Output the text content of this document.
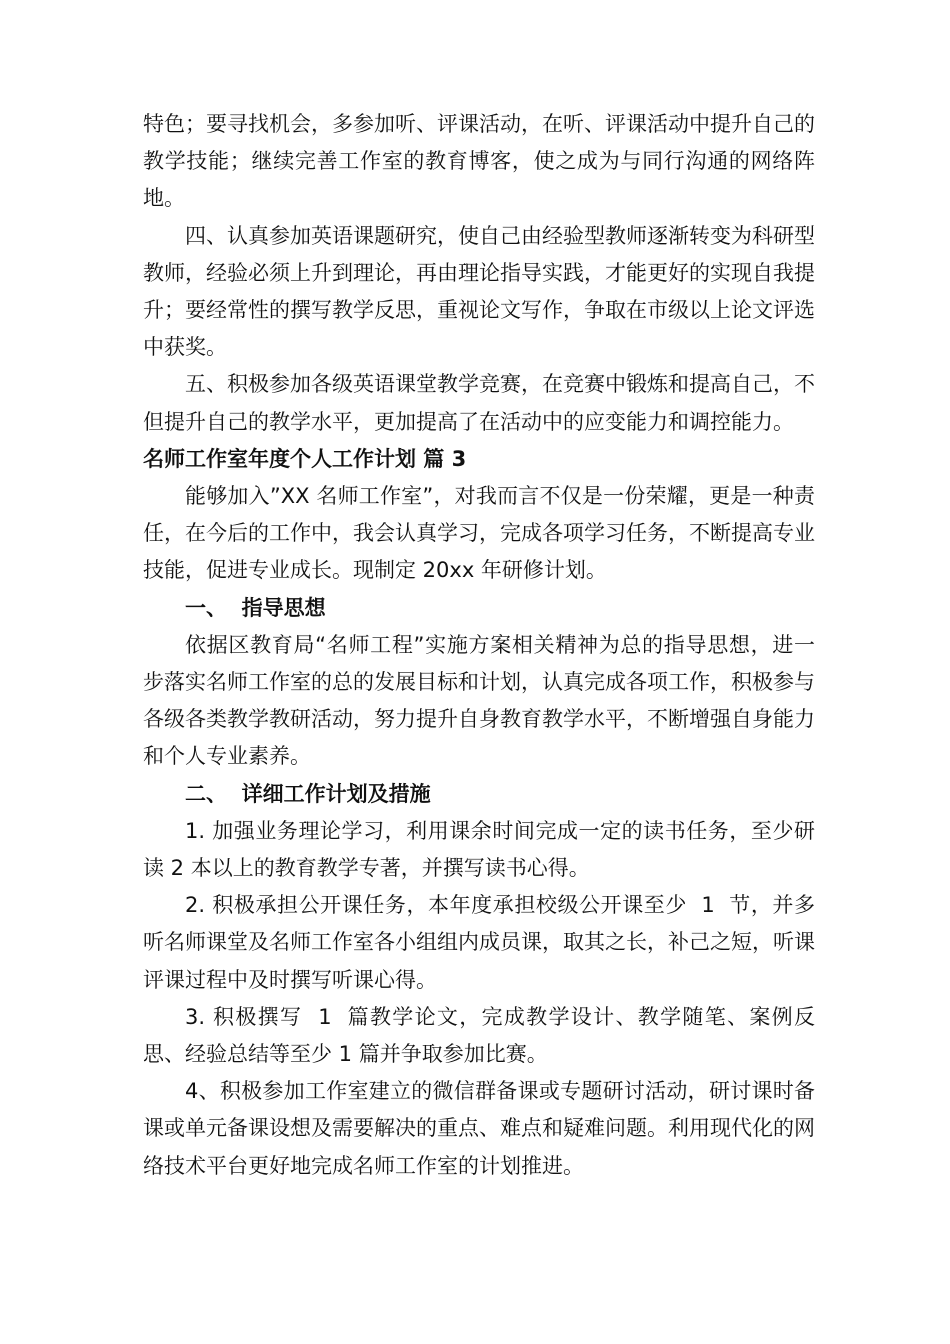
特色；要寻找机会，多参加听、评课活动，在听、评课活动中提升自己的教学技能；继续完善工作室的教育博客，使之成为与同行沟通的网络阵地。

四、认真参加英语课题研究，使自己由经验型教师逐渐转变为科研型教师，经验必须上升到理论，再由理论指导实践，才能更好的实现自我提升；要经常性的撰写教学反思，重视论文写作，争取在市级以上论文评选中获奖。

五、积极参加各级英语课堂教学竞赛，在竞赛中锻炼和提高自己，不但提升自己的教学水平，更加提高了在活动中的应变能力和调控能力。

名师工作室年度个人工作计划 篇 3

能够加入”XX 名师工作室”，对我而言不仅是一份荣耀，更是一种责任，在今后的工作中，我会认真学习，完成各项学习任务，不断提高专业技能，促进专业成长。现制定 20xx 年研修计划。

一、  指导思想

依据区教育局“名师工程”实施方案相关精神为总的指导思想，进一步落实名师工作室的总的发展目标和计划，认真完成各项工作，积极参与各级各类教学教研活动，努力提升自身教育教学水平，不断增强自身能力和个人专业素养。

二、  详细工作计划及措施

1. 加强业务理论学习，利用课余时间完成一定的读书任务，至少研读 2 本以上的教育教学专著，并撰写读书心得。

2. 积极承担公开课任务，本年度承担校级公开课至少  1  节，并多听名师课堂及名师工作室各小组组内成员课，取其之长，补己之短，听课评课过程中及时撰写听课心得。

3. 积极撰写  1  篇教学论文，完成教学设计、教学随笔、案例反思、经验总结等至少 1 篇并争取参加比赛。

4、积极参加工作室建立的微信群备课或专题研讨活动，研讨课时备课或单元备课设想及需要解决的重点、难点和疑难问题。利用现代化的网络技术平台更好地完成名师工作室的计划推进。
